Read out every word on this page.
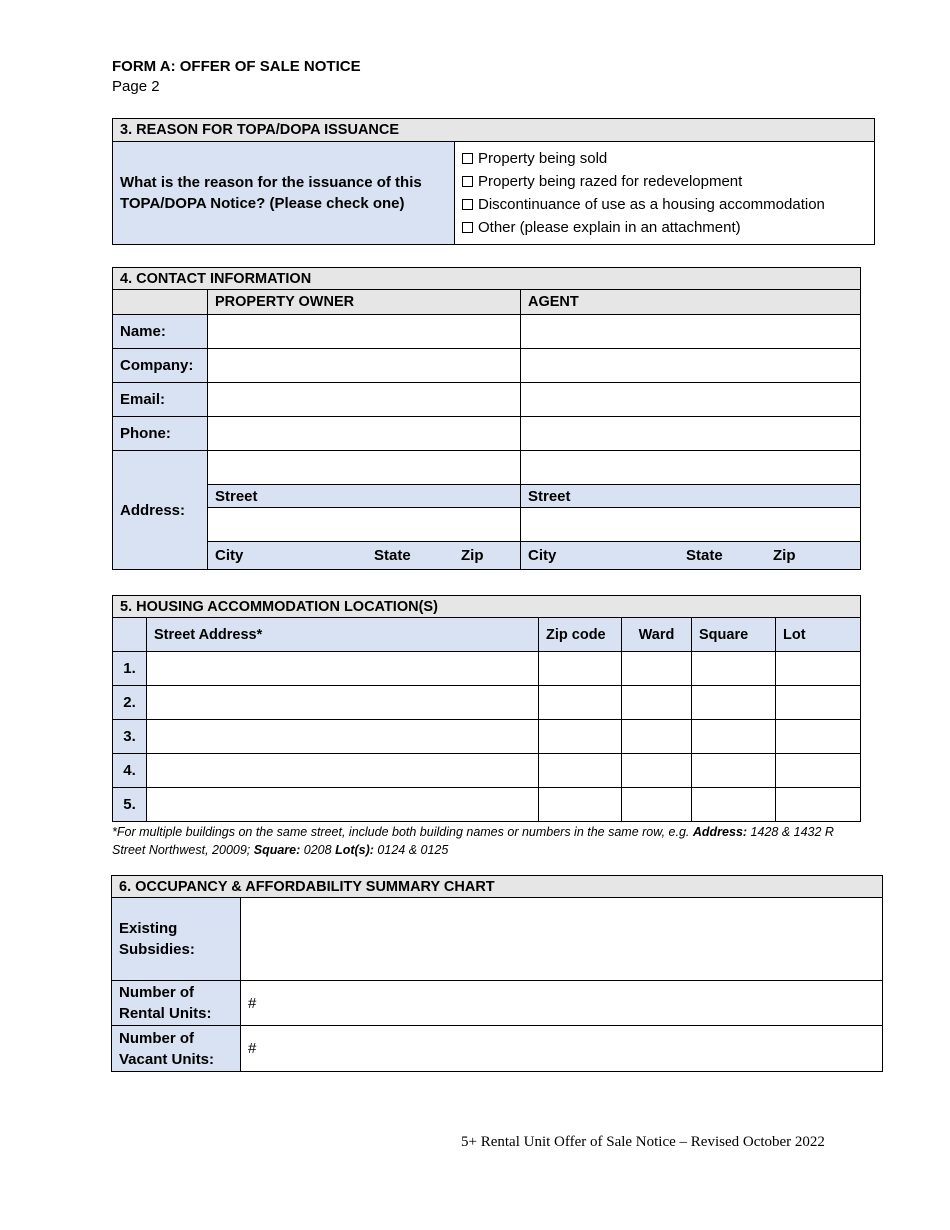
FORM A: OFFER OF SALE NOTICE
Page 2
3. REASON FOR TOPA/DOPA ISSUANCE
What is the reason for the issuance of this TOPA/DOPA Notice? (Please check one)	
Property being sold
Property being razed for redevelopment
Discontinuance of use as a housing accommodation
Other (please explain in an attachment)
4. CONTACT INFORMATION		
	PROPERTY OWNER	AGENT
Name:		
Company:		
Email:		
Phone:		
Address:		
	Street	Street

	City State Zip	City State Zip
5. HOUSING ACCOMMODATION LOCATION(S)					
	Street Address*	Zip code	Ward	Square	Lot
1.					
2.					
3.					
4.					
5.					
*For multiple buildings on the same street, include both building names or numbers in the same row, e.g. Address: 1428 & 1432 R Street Northwest, 20009; Square: 0208 Lot(s): 0124 & 0125
6. OCCUPANCY & AFFORDABILITY SUMMARY CHART	
Existing Subsidies:	
Number of Rental Units:	#
Number of Vacant Units:	#
5+ Rental Unit Offer of Sale Notice – Revised October 2022
